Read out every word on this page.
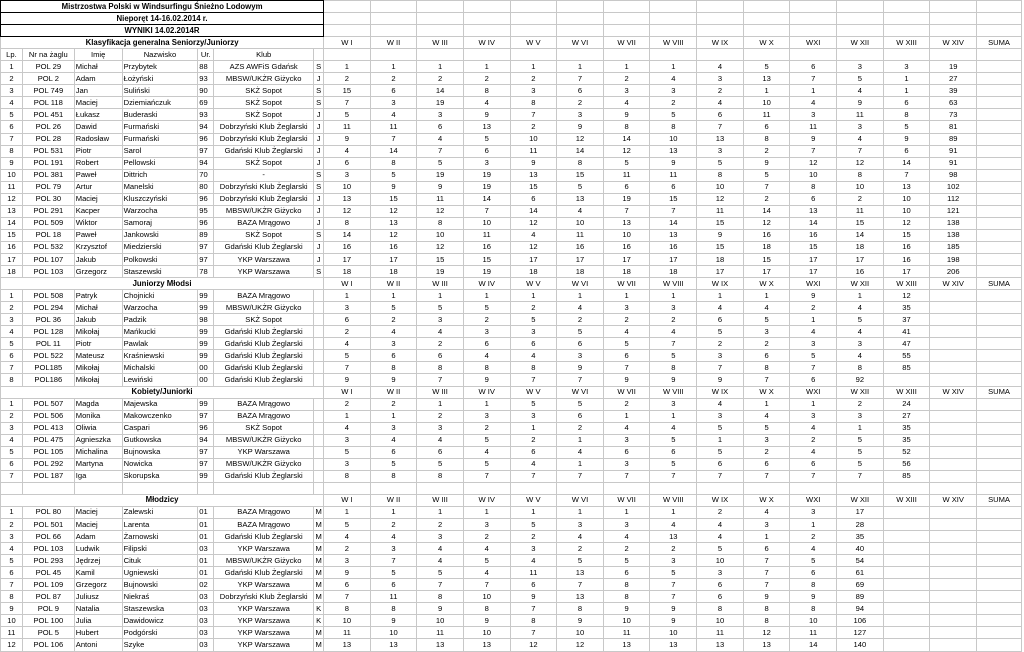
Mistrzostwa Polski w Windsurfingu Śnieżno Lodowym																					
Nieporęt 14-16.02.2014 r.																					
WYNIKI 14.02.2014R																					
Klasyfikacja generalna Seniorzy/Juniorzy							W I	W II	W III	W IV	W V	W VI	W VII	W VIII	W IX	W X	WXI	W XII	W XIII	W XIV	SUMA
Lp.	Nr na żaglu	Imię	Nazwisko	Ur.	Klub																
1	POL 29	Michał	Przybytek	88	AZS AWFiS Gdańsk	S	1	1	1	1	1	1	1	1	4	5	6	3	3	19	
2	POL 2	Adam	Łożyński	93	MBSW/UKŻR Giżycko	J	2	2	2	2	2	7	2	4	3	13	7	5	1	27	
3	POL 749	Jan	Suliński	90	SKŻ Sopot	S	15	6	14	8	3	6	3	3	2	1	1	4	1	39	
4	POL 118	Maciej	Dziemiańczuk	69	SKŻ Sopot	S	7	3	19	4	8	2	4	2	4	10	4	9	6	63	
5	POL 451	Łukasz	Buderaski	93	SKŻ Sopot	J	5	4	3	9	7	3	9	5	6	11	3	11	8	73	
6	POL 26	Dawid	Furmański	94	Dobrzyński Klub Żeglarski	J	11	11	6	13	2	9	8	8	7	6	11	3	5	81	
7	POL 28	Radosław	Furmański	96	Dobrzyński Klub Żeglarski	J	9	7	4	5	10	12	14	10	13	8	9	4	9	89	
8	POL 531	Piotr	Sarol	97	Gdański Klub Żeglarski	J	4	14	7	6	11	14	12	13	3	2	7	7	6	91	
9	POL 191	Robert	Pellowski	94	SKŻ Sopot	J	6	8	5	3	9	8	5	9	5	9	12	12	14	91	
10	POL 381	Paweł	Dittrich	70	-	S	3	5	19	19	13	15	11	11	8	5	10	8	7	98	
11	POL 79	Artur	Manelski	80	Dobrzyński Klub Żeglarski	S	10	9	9	19	15	5	6	6	10	7	8	10	13	102	
12	POL 30	Maciej	Kluszczyński	96	Dobrzyński Klub Żeglarski	J	13	15	11	14	6	13	19	15	12	2	6	2	10	112	
13	POL 291	Kacper	Warzocha	95	MBSW/UKŻR Giżycko	J	12	12	12	7	14	4	7	7	11	14	13	11	10	121	
14	POL 509	Wiktor	Samoraj	96	BAZA Mrągowo	J	8	13	8	10	12	10	13	14	15	12	14	15	12	138	
15	POL 18	Paweł	Jankowski	89	SKŻ Sopot	S	14	12	10	11	4	11	10	13	9	16	16	14	15	138	
16	POL 532	Krzysztof	Miedzierski	97	Gdański Klub Żeglarski	J	16	16	12	16	12	16	16	16	15	18	15	18	16	185	
17	POL 107	Jakub	Polkowski	97	YKP Warszawa	J	17	17	15	15	17	17	17	17	18	15	17	17	16	198	
18	POL 103	Grzegorz	Staszewski	78	YKP Warszawa	S	18	18	19	19	18	18	18	18	17	17	17	16	17	206	
Juniorzy Młodsi							W I	W II	W III	W IV	W V	W VI	W VII	W VIII	W IX	W X	WXI	W XII	W XIII	W XIV	SUMA
1	POL 508	Patryk	Chojnicki	99	BAZA Mrągowo		1	1	1	1	1	1	1	1	1	1	9	1	12		
2	POL 294	Michał	Warzocha	99	MBSW/UKŻR Giżycko		3	5	5	5	2	4	3	3	4	4	2	4	35		
3	POL 36	Jakub	Padzik	98	SKŻ Sopot		6	2	3	2	5	2	2	2	6	5	1	5	37		
4	POL 128	Mikołaj	Mańkucki	99	Gdański Klub Żeglarski		2	4	4	3	3	5	4	4	5	3	4	4	41		
5	POL 11	Piotr	Pawlak	99	Gdański Klub Żeglarski		4	3	2	6	6	6	5	7	2	2	3	3	47		
6	POL 522	Mateusz	Kraśniewski	99	Gdański Klub Żeglarski		5	6	6	4	4	3	6	5	3	6	5	4	55		
7	POL185	Mikołaj	Michalski	00	Gdański Klub Żeglarski		7	8	8	8	8	9	7	8	7	8	7	8	85		
8	POL186	Mikołaj	Lewiński	00	Gdański Klub Żeglarski		9	9	7	9	7	7	9	9	9	7	6	92			
Kobiety/Juniorki							W I	W II	W III	W IV	W V	W VI	W VII	W VIII	W IX	W X	WXI	W XII	W XIII	W XIV	SUMA
1	POL 507	Magda	Majewska	99	BAZA Mrągowo		2	2	1	1	5	5	2	3	4	1	1	2	24		
2	POL 506	Monika	Makowczenko	97	BAZA Mrągowo		1	1	2	3	3	6	1	1	3	4	3	3	27		
3	POL 413	Oliwia	Caspari	96	SKŻ Sopot		4	3	3	2	1	2	4	4	5	5	4	1	35		
4	POL 475	Agnieszka	Gutkowska	94	MBSW/UKŻR Giżycko		3	4	4	5	2	1	3	5	1	3	2	5	35		
5	POL 105	Michalina	Bujnowska	97	YKP Warszawa		5	6	6	4	6	4	6	6	5	2	4	5	52		
6	POL 292	Martyna	Nowicka	97	MBSW/UKŻR Giżycko		3	5	5	5	4	1	3	5	6	6	6	5	56		
7	POL 187	Iga	Skorupska	99	Gdański Klub Żeglarski		8	8	8	7	7	7	7	7	7	7	7	7	85		

Młodzicy							W I	W II	W III	W IV	W V	W VI	W VII	W VIII	W IX	W X	WXI	W XII	W XIII	W XIV	SUMA
1	POL 80	Maciej	Zalewski	01	BAZA Mrągowo	M	1	1	1	1	1	1	1	1	2	4	3	17			
2	POL 501	Maciej	Larenta	01	BAZA Mrągowo	M	5	2	2	3	5	3	3	4	4	3	1	28			
3	POL 66	Adam	Żarnowski	01	Gdański Klub Żeglarski	M	4	4	3	2	2	4	4	13	4	1	2	35			
4	POL 103	Ludwik	Filipski	03	YKP Warszawa	M	2	3	4	4	3	2	2	2	5	6	4	40			
5	POL 293	Jędrzej	Cituk	01	MBSW/UKŻR Giżycko	M	3	7	4	5	4	5	5	3	10	7	5	54			
6	POL 45	Kamil	Ugniewski	01	Gdański Klub Żeglarski	M	9	5	5	4	11	13	6	5	3	7	6	61			
7	POL 109	Grzegorz	Bujnowski	02	YKP Warszawa	M	6	6	7	7	6	7	8	7	6	7	8	69			
8	POL 87	Juliusz	Niekraś	03	Dobrzyński Klub Żeglarski	M	7	11	8	10	9	13	8	7	6	9	9	89			
9	POL 9	Natalia	Staszewska	03	YKP Warszawa	K	8	8	9	8	7	8	9	9	8	8	8	94			
10	POL 100	Julia	Dawidowicz	03	YKP Warszawa	K	10	9	10	9	8	9	10	9	10	8	10	106			
11	POL 5	Hubert	Podgórski	03	YKP Warszawa	M	11	10	11	10	7	10	11	10	11	12	11	127			
12	POL 106	Antoni	Szyke	03	YKP Warszawa	M	13	13	13	13	12	12	13	13	13	13	14	140			
